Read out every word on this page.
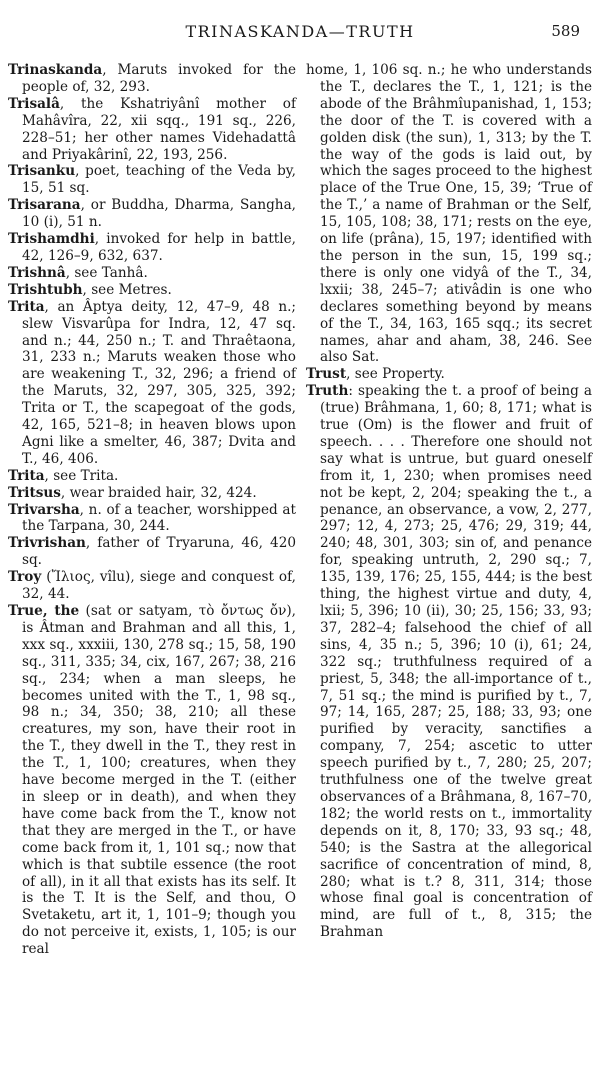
TRINASKANDA—TRUTH	589

Trinaskanda, Maruts invoked for the people of, 32, 293.

Trisalâ, the Kshatriyânî mother of Mahâvîra, 22, xii sqq., 191 sq., 226, 228–51; her other names Videhadattâ and Priyakârinî, 22, 193, 256.

Trisanku, poet, teaching of the Veda by, 15, 51 sq.

Trisarana, or Buddha, Dharma, Sangha, 10 (i), 51 n.

Trishamdhi, invoked for help in battle, 42, 126–9, 632, 637.

Trishnâ, see Tanhâ.

Trishtubh, see Metres.

Trita, an Âptya deity, 12, 47–9, 48 n.; slew Visvarûpa for Indra, 12, 47 sq. and n.; 44, 250 n.; T. and Thraêtaona, 31, 233 n.; Maruts weaken those who are weakening T., 32, 296; a friend of the Maruts, 32, 297, 305, 325, 392; Trita or T., the scapegoat of the gods, 42, 165, 521–8; in heaven blows upon Agni like a smelter, 46, 387; Dvita and T., 46, 406.

Trita, see Trita.

Tritsus, wear braided hair, 32, 424.

Trivarsha, n. of a teacher, worshipped at the Tarpana, 30, 244.

Trivrishan, father of Tryaruna, 46, 420 sq.

Troy (Ἴλιος, vîlu), siege and conquest of, 32, 44.

True, the (sat or satyam, τὸ ὄντως ὄν), is Âtman and Brahman and all this, 1, xxx sq., xxxiii, 130, 278 sq.; 15, 58, 190 sq., 311, 335; 34, cix, 167, 267; 38, 216 sq., 234; when a man sleeps, he becomes united with the T., 1, 98 sq., 98 n.; 34, 350; 38, 210; all these creatures, my son, have their root in the T., they dwell in the T., they rest in the T., 1, 100; creatures, when they have become merged in the T. (either in sleep or in death), and when they have come back from the T., know not that they are merged in the T., or have come back from it, 1, 101 sq.; now that which is that subtile essence (the root of all), in it all that exists has its self. It is the T. It is the Self, and thou, O Svetaketu, art it, 1, 101–9; though you do not perceive it, exists, 1, 105; is our real

home, 1, 106 sq. n.; he who understands the T., declares the T., 1, 121; is the abode of the Brâhmîupanishad, 1, 153; the door of the T. is covered with a golden disk (the sun), 1, 313; by the T. the way of the gods is laid out, by which the sages proceed to the highest place of the True One, 15, 39; ‘True of the T.,’ a name of Brahman or the Self, 15, 105, 108; 38, 171; rests on the eye, on life (prâna), 15, 197; identified with the person in the sun, 15, 199 sq.; there is only one vidyâ of the T., 34, lxxii; 38, 245–7; ativâdin is one who declares something beyond by means of the T., 34, 163, 165 sqq.; its secret names, ahar and aham, 38, 246. See also Sat.

Trust, see Property.

Truth: speaking the t. a proof of being a (true) Brâhmana, 1, 60; 8, 171; what is true (Om) is the flower and fruit of speech. . . . Therefore one should not say what is untrue, but guard oneself from it, 1, 230; when promises need not be kept, 2, 204; speaking the t., a penance, an observance, a vow, 2, 277, 297; 12, 4, 273; 25, 476; 29, 319; 44, 240; 48, 301, 303; sin of, and penance for, speaking untruth, 2, 290 sq.; 7, 135, 139, 176; 25, 155, 444; is the best thing, the highest virtue and duty, 4, lxii; 5, 396; 10 (ii), 30; 25, 156; 33, 93; 37, 282–4; falsehood the chief of all sins, 4, 35 n.; 5, 396; 10 (i), 61; 24, 322 sq.; truthfulness required of a priest, 5, 348; the all-importance of t., 7, 51 sq.; the mind is purified by t., 7, 97; 14, 165, 287; 25, 188; 33, 93; one purified by veracity, sanctifies a company, 7, 254; ascetic to utter speech purified by t., 7, 280; 25, 207; truthfulness one of the twelve great observances of a Brâhmana, 8, 167–70, 182; the world rests on t., immortality depends on it, 8, 170; 33, 93 sq.; 48, 540; is the Sastra at the allegorical sacrifice of concentration of mind, 8, 280; what is t.? 8, 311, 314; those whose final goal is concentration of mind, are full of t., 8, 315; the Brahman
